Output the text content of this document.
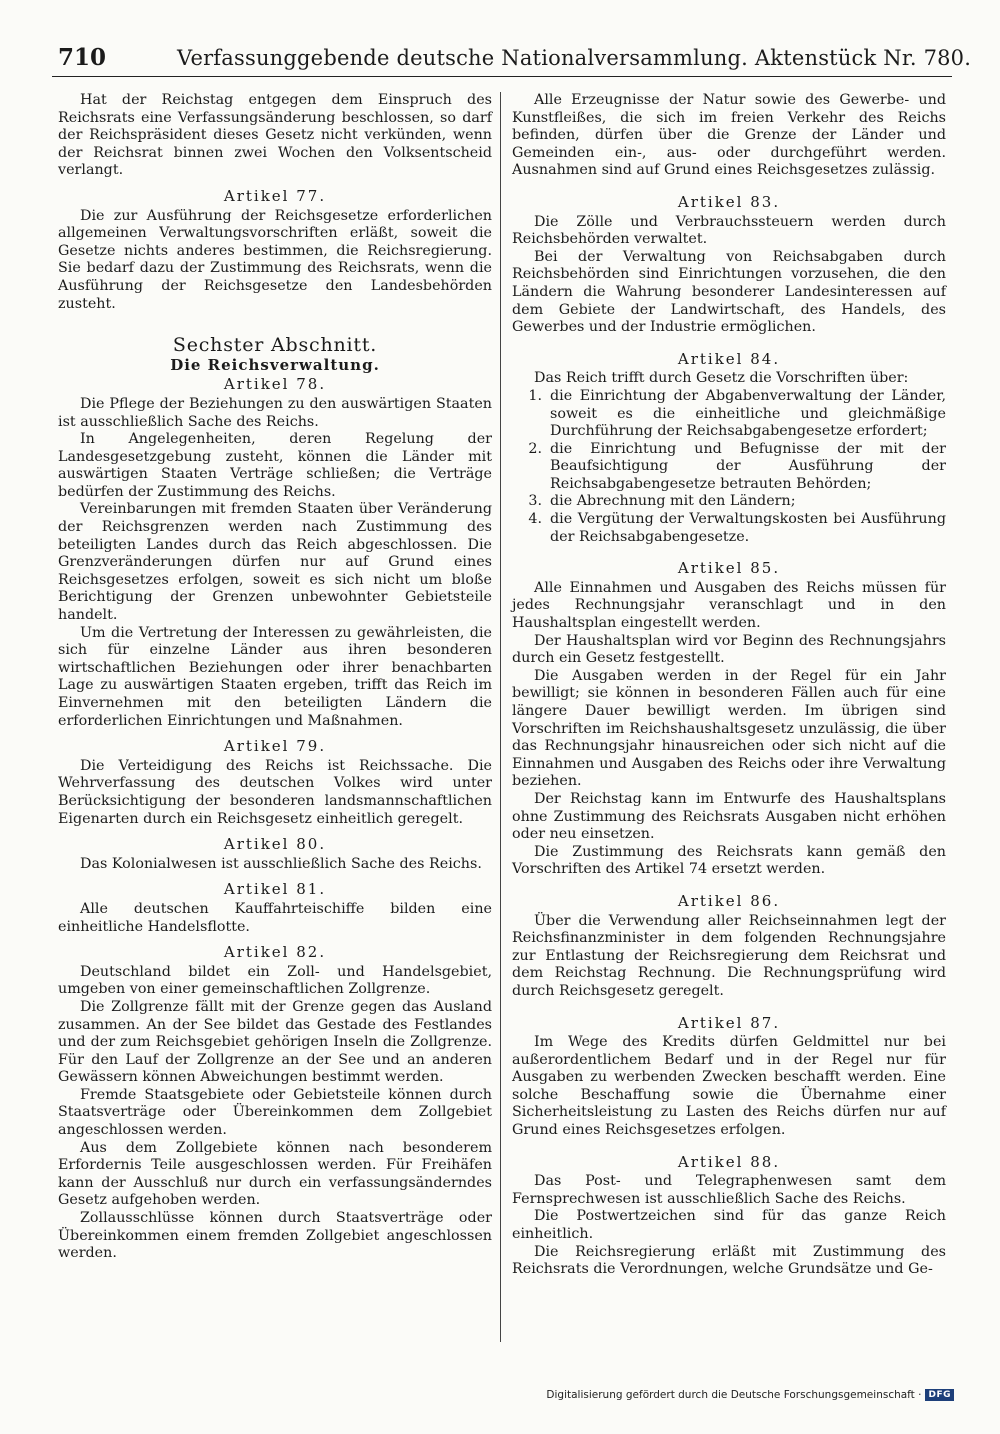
710	Verfassunggebende deutsche Nationalversammlung. Aktenstück Nr. 780.

Hat der Reichstag entgegen dem Einspruch des Reichsrats eine Verfassungsänderung beschlossen, so darf der Reichspräsident dieses Gesetz nicht verkünden, wenn der Reichsrat binnen zwei Wochen den Volksentscheid verlangt.

Artikel 77.

Die zur Ausführung der Reichsgesetze erforderlichen allgemeinen Verwaltungsvorschriften erläßt, soweit die Gesetze nichts anderes bestimmen, die Reichsregierung. Sie bedarf dazu der Zustimmung des Reichsrats, wenn die Ausführung der Reichsgesetze den Landesbehörden zusteht.

Sechster Abschnitt.
Die Reichsverwaltung.
Artikel 78.

Die Pflege der Beziehungen zu den auswärtigen Staaten ist ausschließlich Sache des Reichs.

In Angelegenheiten, deren Regelung der Landesgesetzgebung zusteht, können die Länder mit auswärtigen Staaten Verträge schließen; die Verträge bedürfen der Zustimmung des Reichs.

Vereinbarungen mit fremden Staaten über Veränderung der Reichsgrenzen werden nach Zustimmung des beteiligten Landes durch das Reich abgeschlossen. Die Grenzveränderungen dürfen nur auf Grund eines Reichsgesetzes erfolgen, soweit es sich nicht um bloße Berichtigung der Grenzen unbewohnter Gebietsteile handelt.

Um die Vertretung der Interessen zu gewährleisten, die sich für einzelne Länder aus ihren besonderen wirtschaftlichen Beziehungen oder ihrer benachbarten Lage zu auswärtigen Staaten ergeben, trifft das Reich im Einvernehmen mit den beteiligten Ländern die erforderlichen Einrichtungen und Maßnahmen.

Artikel 79.

Die Verteidigung des Reichs ist Reichssache. Die Wehrverfassung des deutschen Volkes wird unter Berücksichtigung der besonderen landsmannschaftlichen Eigenarten durch ein Reichsgesetz einheitlich geregelt.

Artikel 80.

Das Kolonialwesen ist ausschließlich Sache des Reichs.

Artikel 81.

Alle deutschen Kauffahrteischiffe bilden eine einheitliche Handelsflotte.

Artikel 82.

Deutschland bildet ein Zoll- und Handelsgebiet, umgeben von einer gemeinschaftlichen Zollgrenze.

Die Zollgrenze fällt mit der Grenze gegen das Ausland zusammen. An der See bildet das Gestade des Festlandes und der zum Reichsgebiet gehörigen Inseln die Zollgrenze. Für den Lauf der Zollgrenze an der See und an anderen Gewässern können Abweichungen bestimmt werden.

Fremde Staatsgebiete oder Gebietsteile können durch Staatsverträge oder Übereinkommen dem Zollgebiet angeschlossen werden.

Aus dem Zollgebiete können nach besonderem Erfordernis Teile ausgeschlossen werden. Für Freihäfen kann der Ausschluß nur durch ein verfassungsänderndes Gesetz aufgehoben werden.

Zollausschlüsse können durch Staatsverträge oder Übereinkommen einem fremden Zollgebiet angeschlossen werden.

Alle Erzeugnisse der Natur sowie des Gewerbe- und Kunstfleißes, die sich im freien Verkehr des Reichs befinden, dürfen über die Grenze der Länder und Gemeinden ein-, aus- oder durchgeführt werden. Ausnahmen sind auf Grund eines Reichsgesetzes zulässig.

Artikel 83.

Die Zölle und Verbrauchssteuern werden durch Reichsbehörden verwaltet.

Bei der Verwaltung von Reichsabgaben durch Reichsbehörden sind Einrichtungen vorzusehen, die den Ländern die Wahrung besonderer Landesinteressen auf dem Gebiete der Landwirtschaft, des Handels, des Gewerbes und der Industrie ermöglichen.

Artikel 84.

Das Reich trifft durch Gesetz die Vorschriften über:

1. die Einrichtung der Abgabenverwaltung der Länder, soweit es die einheitliche und gleichmäßige Durchführung der Reichsabgabengesetze erfordert;
2. die Einrichtung und Befugnisse der mit der Beaufsichtigung der Ausführung der Reichsabgabengesetze betrauten Behörden;
3. die Abrechnung mit den Ländern;
4. die Vergütung der Verwaltungskosten bei Ausführung der Reichsabgabengesetze.
Artikel 85.

Alle Einnahmen und Ausgaben des Reichs müssen für jedes Rechnungsjahr veranschlagt und in den Haushaltsplan eingestellt werden.

Der Haushaltsplan wird vor Beginn des Rechnungsjahrs durch ein Gesetz festgestellt.

Die Ausgaben werden in der Regel für ein Jahr bewilligt; sie können in besonderen Fällen auch für eine längere Dauer bewilligt werden. Im übrigen sind Vorschriften im Reichshaushaltsgesetz unzulässig, die über das Rechnungsjahr hinausreichen oder sich nicht auf die Einnahmen und Ausgaben des Reichs oder ihre Verwaltung beziehen.

Der Reichstag kann im Entwurfe des Haushaltsplans ohne Zustimmung des Reichsrats Ausgaben nicht erhöhen oder neu einsetzen.

Die Zustimmung des Reichsrats kann gemäß den Vorschriften des Artikel 74 ersetzt werden.

Artikel 86.

Über die Verwendung aller Reichseinnahmen legt der Reichsfinanzminister in dem folgenden Rechnungsjahre zur Entlastung der Reichsregierung dem Reichsrat und dem Reichstag Rechnung. Die Rechnungsprüfung wird durch Reichsgesetz geregelt.

Artikel 87.

Im Wege des Kredits dürfen Geldmittel nur bei außerordentlichem Bedarf und in der Regel nur für Ausgaben zu werbenden Zwecken beschafft werden. Eine solche Beschaffung sowie die Übernahme einer Sicherheitsleistung zu Lasten des Reichs dürfen nur auf Grund eines Reichsgesetzes erfolgen.

Artikel 88.

Das Post- und Telegraphenwesen samt dem Fernsprechwesen ist ausschließlich Sache des Reichs.

Die Postwertzeichen sind für das ganze Reich einheitlich.

Die Reichsregierung erläßt mit Zustimmung des Reichsrats die Verordnungen, welche Grundsätze und Ge-

Digitalisierung gefördert durch die Deutsche Forschungsgemeinschaft · DFG
